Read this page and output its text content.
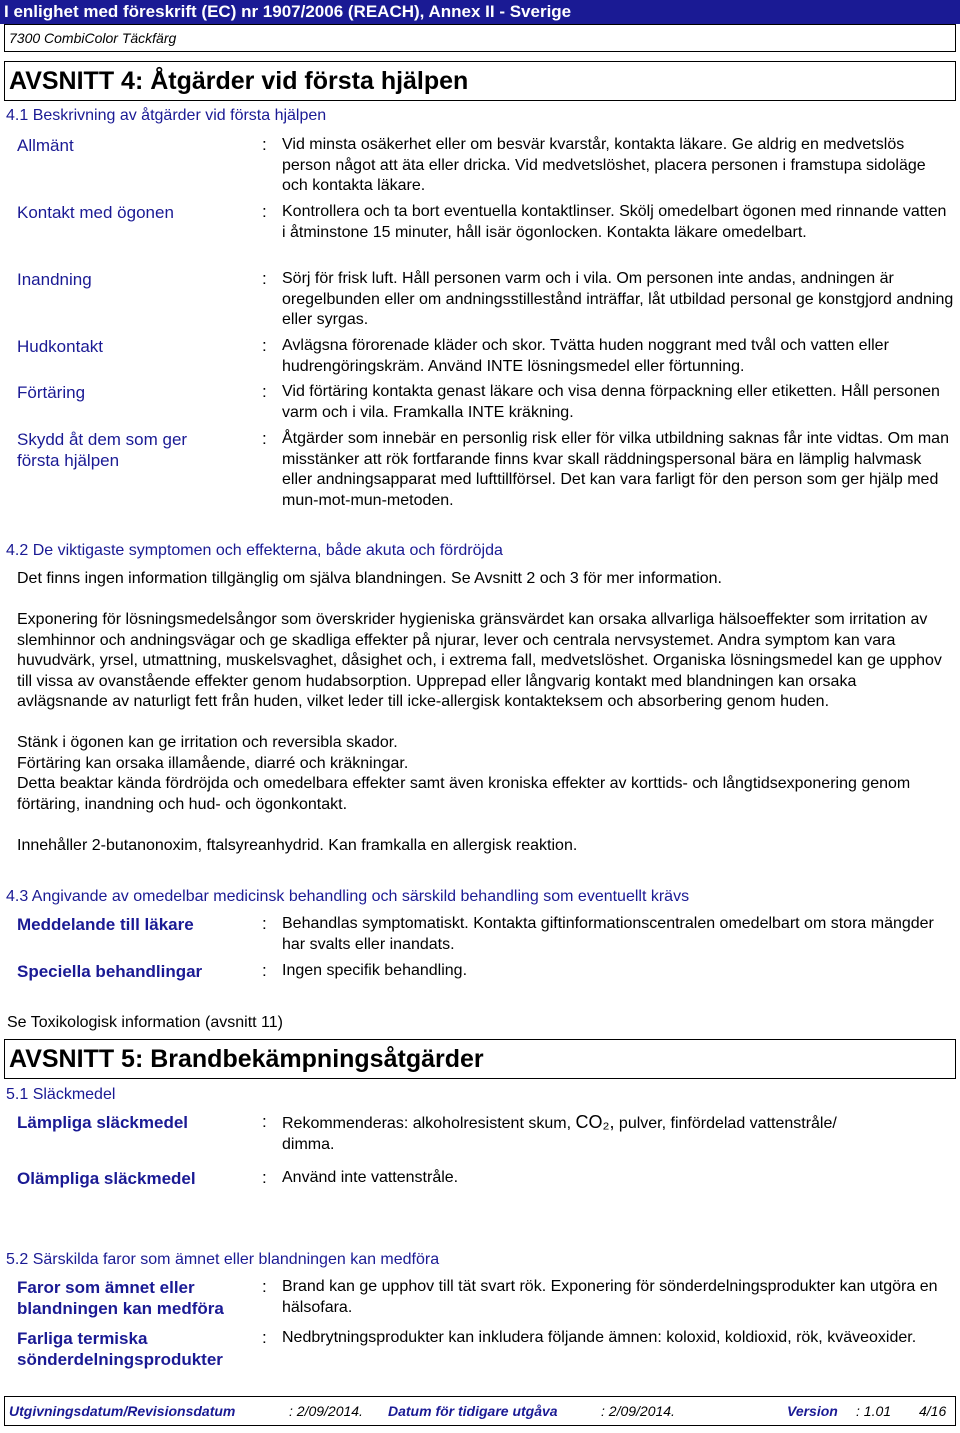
I enlighet med föreskrift (EC) nr 1907/2006 (REACH), Annex II - Sverige
7300 CombiColor Täckfärg
AVSNITT 4: Åtgärder vid första hjälpen
4.1 Beskrivning av åtgärder vid första hjälpen
Allmänt	: Vid minsta osäkerhet eller om besvär kvarstår, kontakta läkare. Ge aldrig en medvetslös person något att äta eller dricka. Vid medvetslöshet, placera personen i framstupa sidoläge och kontakta läkare.
Kontakt med ögonen	: Kontrollera och ta bort eventuella kontaktlinser. Skölj omedelbart ögonen med rinnande vatten i åtminstone 15 minuter, håll isär ögonlocken. Kontakta läkare omedelbart.
Inandning	: Sörj för frisk luft. Håll personen varm och i vila. Om personen inte andas, andningen är oregelbunden eller om andningsstillestånd inträffar, låt utbildad personal ge konstgjord andning eller syrgas.
Hudkontakt	: Avlägsna förorenade kläder och skor. Tvätta huden noggrant med tvål och vatten eller hudrengöringskräm. Använd INTE lösningsmedel eller förtunning.
Förtäring	: Vid förtäring kontakta genast läkare och visa denna förpackning eller etiketten. Håll personen varm och i vila. Framkalla INTE kräkning.
Skydd åt dem som ger första hjälpen
: Åtgärder som innebär en personlig risk eller för vilka utbildning saknas får inte vidtas. Om man misstänker att rök fortfarande finns kvar skall räddningspersonal bära en lämplig halvmask eller andningsapparat med lufttillförsel. Det kan vara farligt för den person som ger hjälp med mun-mot-mun-metoden.
4.2 De viktigaste symptomen och effekterna, både akuta och fördröjda
Det finns ingen information tillgänglig om själva blandningen. Se Avsnitt 2 och 3 för mer information.
Exponering för lösningsmedelsångor som överskrider hygieniska gränsvärdet kan orsaka allvarliga hälsoeffekter som irritation av slemhinnor och andningsvägar och ge skadliga effekter på njurar, lever och centrala nervsystemet. Andra symptom kan vara huvudvärk, yrsel, utmattning, muskelsvaghet, dåsighet och, i extrema fall, medvetslöshet. Organiska lösningsmedel kan ge upphov till vissa av ovanstående effekter genom hudabsorption. Upprepad eller långvarig kontakt med blandningen kan orsaka avlägsnande av naturligt fett från huden, vilket leder till icke-allergisk kontakteksem och absorbering genom huden.
Stänk i ögonen kan ge irritation och reversibla skador.
Förtäring kan orsaka illamående, diarré och kräkningar.
Detta beaktar kända fördröjda och omedelbara effekter samt även kroniska effekter av korttids- och långtidsexponering genom förtäring, inandning och hud- och ögonkontakt.
Innehåller 2-butanonoxim, ftalsyreanhydrid. Kan framkalla en allergisk reaktion.
4.3 Angivande av omedelbar medicinsk behandling och särskild behandling som eventuellt krävs
Meddelande till läkare	: Behandlas symptomatiskt. Kontakta giftinformationscentralen omedelbart om stora mängder har svalts eller inandats.
Speciella behandlingar	: Ingen specifik behandling.
Se Toxikologisk information (avsnitt 11)
AVSNITT 5: Brandbekämpningsåtgärder
5.1 Släckmedel
Lämpliga släckmedel	: Rekommenderas: alkoholresistent skum, CO₂, pulver, finfördelad vattenstråle/
dimma.
Olämpliga släckmedel	: Använd inte vattenstråle.
5.2 Särskilda faror som ämnet eller blandningen kan medföra
Faror som ämnet eller blandningen kan medföra
: Brand kan ge upphov till tät svart rök. Exponering för sönderdelningsprodukter kan utgöra en hälsofara.
Farliga termiska sönderdelningsprodukter
: Nedbrytningsprodukter kan inkludera följande ämnen: koloxid, koldioxid, rök, kväveoxider.
Utgivningsdatum/Revisionsdatum	: 2/09/2014. Datum för tidigare utgåva	: 2/09/2014.	Version : 1.01 4/16
